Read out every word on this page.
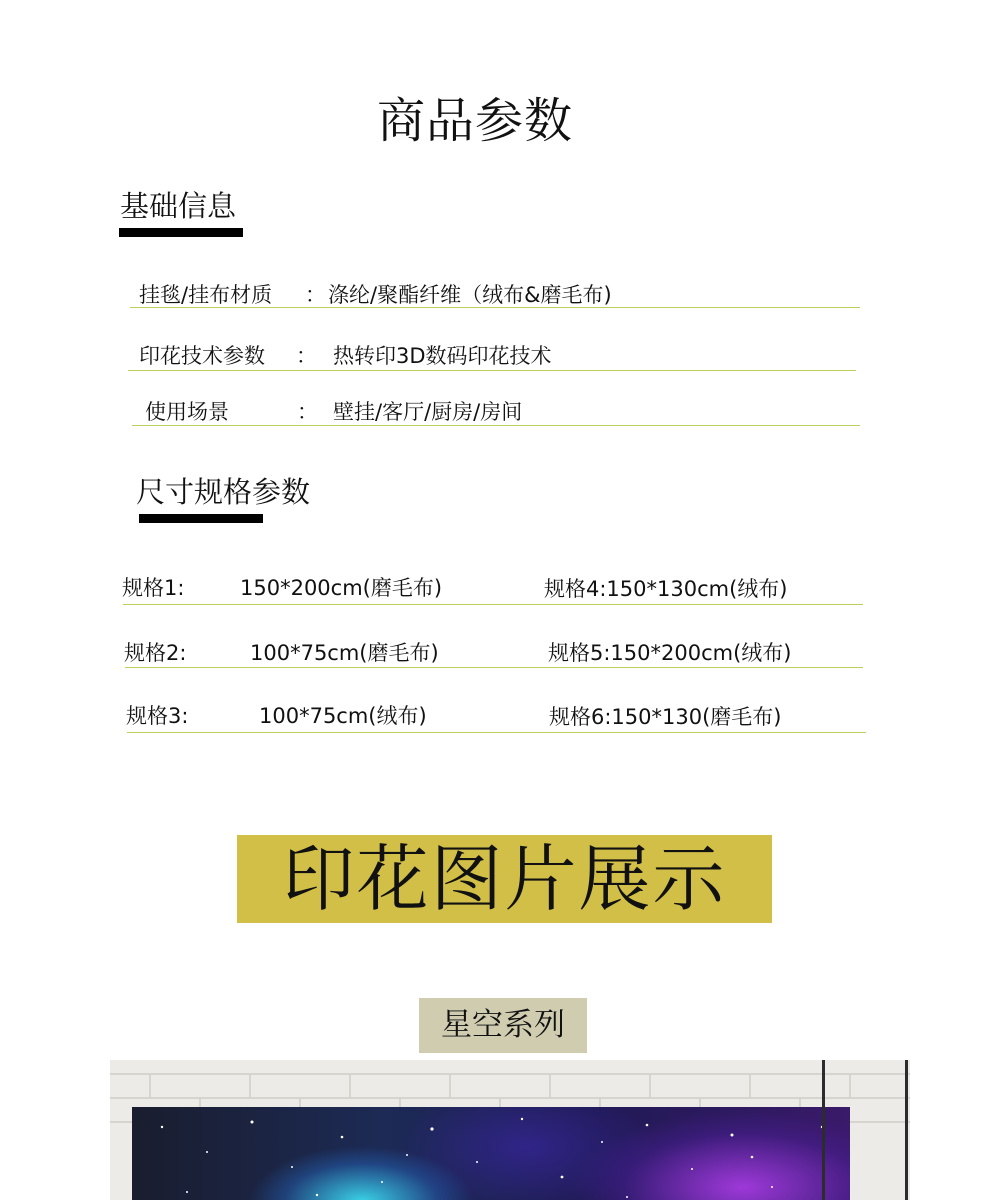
商品参数
基础信息
挂毯/挂布材质 ： 涤纶/聚酯纤维（绒布&磨毛布)
印花技术参数 ： 热转印3D数码印花技术
使用场景	： 壁挂/客厅/厨房/房间
尺寸规格参数
规格1:	150*200cm(磨毛布)	规格4:150*130cm(绒布)
规格2:	100*75cm(磨毛布)	规格5:150*200cm(绒布)
规格3:	100*75cm(绒布)	规格6:150*130(磨毛布)
印花图片展示
星空系列
